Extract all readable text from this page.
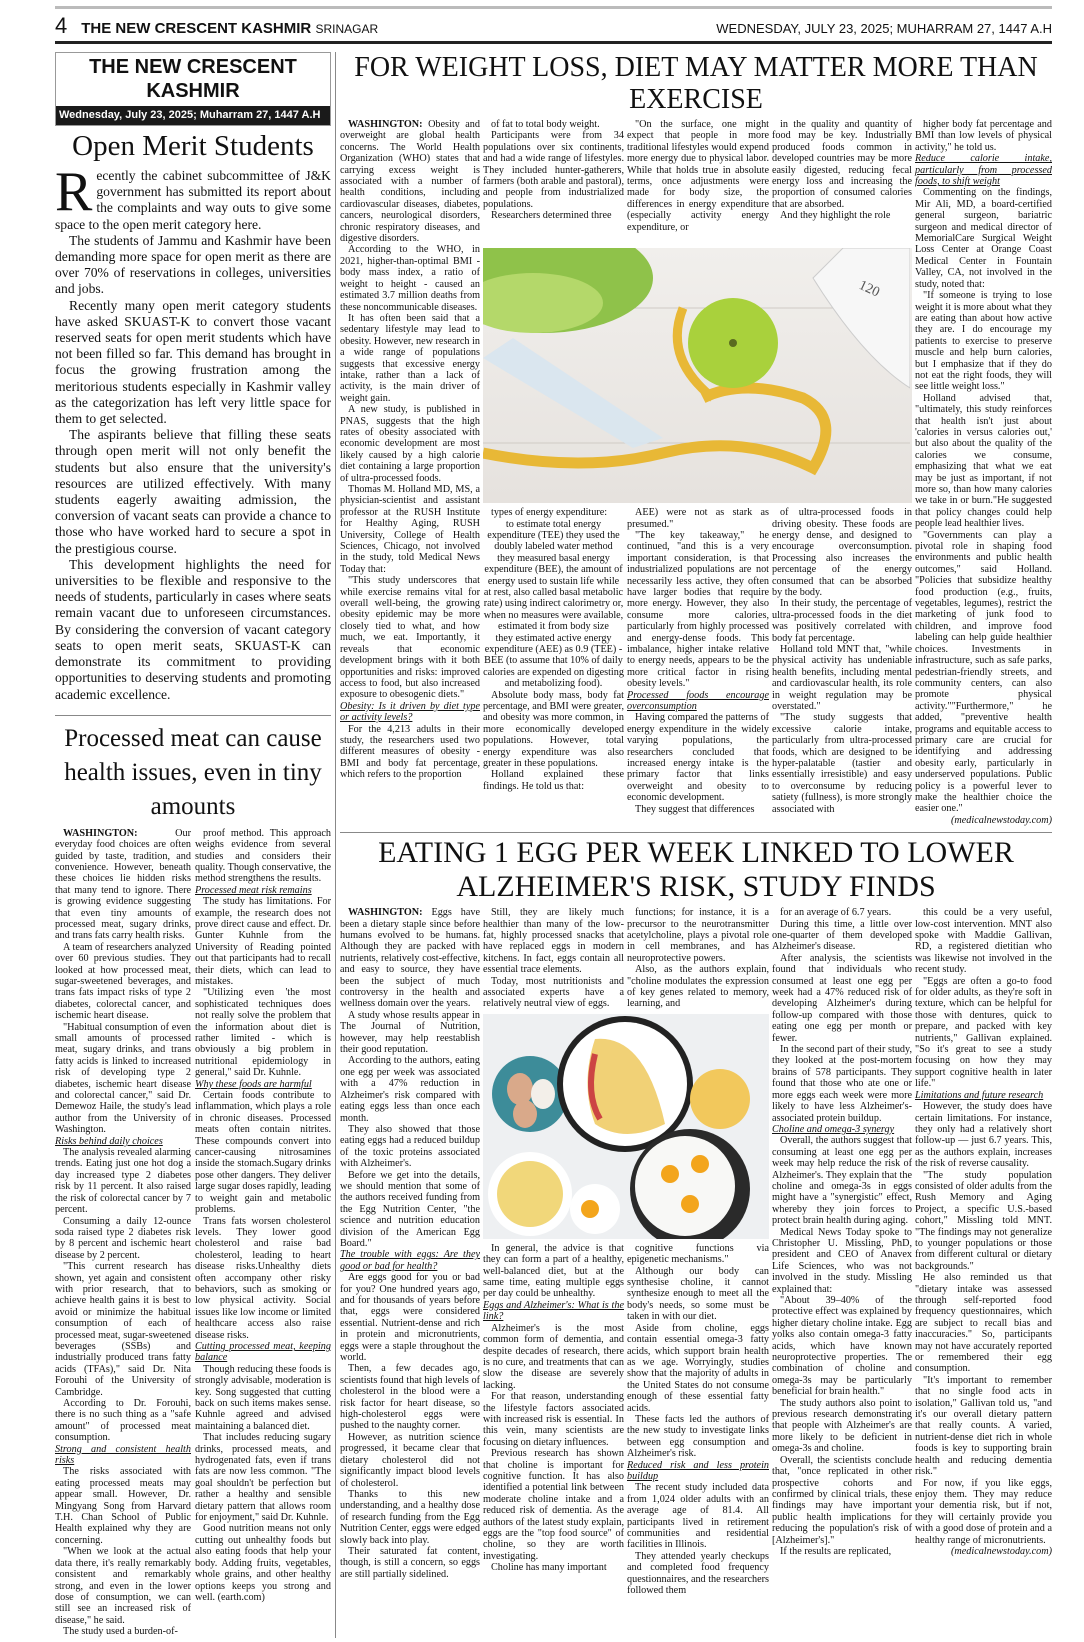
4 THE NEW CRESCENT KASHMIR SRINAGAR	WEDNESDAY, JULY 23, 2025; MUHARRAM 27, 1447 A.H
THE NEW CRESCENT KASHMIR
Wednesday, July 23, 2025; Muharram 27, 1447 A.H
Open Merit Students

Recently the cabinet subcommittee of J&K government has submitted its report about the complaints and way outs to give some space to the open merit category here.

The students of Jammu and Kashmir have been demanding more space for open merit as there are over 70% of reservations in colleges, universities and jobs.

Recently many open merit category students have asked SKUAST-K to convert those vacant reserved seats for open merit students which have not been filled so far. This demand has brought in focus the growing frustration among the meritorious students especially in Kashmir valley as the categorization has left very little space for them to get selected.

The aspirants believe that filling these seats through open merit will not only benefit the students but also ensure that the university's resources are utilized effectively. With many students eagerly awaiting admission, the conversion of vacant seats can provide a chance to those who have worked hard to secure a spot in the prestigious course.

This development highlights the need for universities to be flexible and responsive to the needs of students, particularly in cases where seats remain vacant due to unforeseen circumstances. By considering the conversion of vacant category seats to open merit seats, SKUAST-K can demonstrate its commitment to providing opportunities to deserving students and promoting academic excellence.

Processed meat can cause health issues, even in tiny amounts

WASHINGTON: Our everyday food choices are often guided by taste, tradition, and convenience. However, beneath these choices lie hidden risks that many tend to ignore. There is growing evidence suggesting that even tiny amounts of processed meat, sugary drinks, and trans fats carry health risks.

A team of researchers analyzed over 60 previous studies. They looked at how processed meat, sugar-sweetened beverages, and trans fats impact risks of type 2 diabetes, colorectal cancer, and ischemic heart disease.

"Habitual consumption of even small amounts of processed meat, sugary drinks, and trans fatty acids is linked to increased risk of developing type 2 diabetes, ischemic heart disease and colorectal cancer," said Dr. Demewoz Haile, the study's lead author from the University of Washington.

Risks behind daily choices

The analysis revealed alarming trends. Eating just one hot dog a day increased type 2 diabetes risk by 11 percent. It also raised the risk of colorectal cancer by 7 percent.

Consuming a daily 12-ounce soda raised type 2 diabetes risk by 8 percent and ischemic heart disease by 2 percent.

"This current research has shown, yet again and consistent with prior research, that to achieve health gains it is best to avoid or minimize the habitual consumption of each of processed meat, sugar-sweetened beverages (SSBs) and industrially produced trans fatty acids (TFAs)," said Dr. Nita Forouhi of the University of Cambridge.

According to Dr. Forouhi, there is no such thing as a "safe amount" of processed meat consumption.

Strong and consistent health risks

The risks associated with eating processed meats may appear small. However, Dr. Mingyang Song from Harvard T.H. Chan School of Public Health explained why they are concerning.

"When we look at the actual data there, it's really remarkably consistent and remarkably strong, and even in the lower dose of consumption, we can still see an increased risk of disease," he said.

The study used a burden-of-

proof method. This approach weighs evidence from several studies and considers their quality. Though conservative, the method strengthens the results.

Processed meat risk remains

The study has limitations. For example, the research does not prove direct cause and effect. Dr. Gunter Kuhnle from the University of Reading pointed out that participants had to recall their diets, which can lead to mistakes.

"Utilizing even 'the most sophisticated techniques does not really solve the problem that the information about diet is rather limited - which is obviously a big problem in nutritional epidemiology in general," said Dr. Kuhnle.

Why these foods are harmful

Certain foods contribute to inflammation, which plays a role in chronic diseases. Processed meats often contain nitrites. These compounds convert into cancer-causing nitrosamines inside the stomach.Sugary drinks pose other dangers. They deliver large sugar doses rapidly, leading to weight gain and metabolic problems.

Trans fats worsen cholesterol levels. They lower good cholesterol and raise bad cholesterol, leading to heart disease risks.Unhealthy diets often accompany other risky behaviors, such as smoking or low physical activity. Social issues like low income or limited healthcare access also raise disease risks.

Cutting processed meat, keeping balance

Though reducing these foods is strongly advisable, moderation is key. Song suggested that cutting back on such items makes sense. Kuhnle agreed and advised maintaining a balanced diet.

That includes reducing sugary drinks, processed meats, and hydrogenated fats, even if trans fats are now less common. "The goal shouldn't be perfection but rather a healthy and sensible dietary pattern that allows room for enjoyment," said Dr. Kuhnle.

Good nutrition means not only cutting out unhealthy foods but also eating foods that help your body. Adding fruits, vegetables, whole grains, and other healthy options keeps you strong and well. (earth.com)

FOR WEIGHT LOSS, DIET MAY MATTER MORE THAN EXERCISE

WASHINGTON: Obesity and overweight are global health concerns. The World Health Organization (WHO) states that carrying excess weight is associated with a number of health conditions, including cardiovascular diseases, diabetes, cancers, neurological disorders, chronic respiratory diseases, and digestive disorders.

According to the WHO, in 2021, higher-than-optimal BMI - body mass index, a ratio of weight to height - caused an estimated 3.7 million deaths from these noncommunicable diseases.

It has often been said that a sedentary lifestyle may lead to obesity. However, new research in a wide range of populations suggests that excessive energy intake, rather than a lack of activity, is the main driver of weight gain.

A new study, is published in PNAS, suggests that the high rates of obesity associated with economic development are most likely caused by a high calorie diet containing a large proportion of ultra-processed foods.

Thomas M. Holland MD, MS, a physician-scientist and assistant professor at the RUSH Institute for Healthy Aging, RUSH University, College of Health Sciences, Chicago, not involved in the study, told Medical News Today that:

"This study underscores that while exercise remains vital for overall well-being, the growing obesity epidemic may be more closely tied to what, and how much, we eat. Importantly, it reveals that economic development brings with it both opportunities and risks: improved access to food, but also increased exposure to obesogenic diets."

Obesity: Is it driven by diet type or activity levels?

For the 4,213 adults in their study, the researchers used two different measures of obesity - BMI and body fat percentage, which refers to the proportion

of fat to total body weight.

Participants were from 34 populations over six continents, and had a wide range of lifestyles. They included hunter-gatherers, farmers (both arable and pastoral), and people from industrialized populations.

Researchers determined three

"On the surface, one might expect that people in more traditional lifestyles would expend more energy due to physical labor. While that holds true in absolute terms, once adjustments were made for body size, the differences in energy expenditure (especially activity energy expenditure, or

in the quality and quantity of food may be key. Industrially produced foods common in developed countries may be more easily digested, reducing fecal energy loss and increasing the proportion of consumed calories that are absorbed.

And they highlight the role

120

types of energy expenditure:

to estimate total energy expenditure (TEE) they used the doubly labeled water method

they measured basal energy expenditure (BEE), the amount of energy used to sustain life while at rest, also called basal metabolic rate) using indirect calorimetry or, when no measures were available, estimated it from body size

they estimated active energy expenditure (AEE) as 0.9 (TEE) - BEE (to assume that 10% of daily calories are expended on digesting and metabolizing food).

Absolute body mass, body fat percentage, and BMI were greater, and obesity was more common, in more economically developed populations. However, total energy expenditure was also greater in these populations.

Holland explained these findings. He told us that:

AEE) were not as stark as presumed."

"The key takeaway," he continued, "and this is a very important consideration, is that industrialized populations are not necessarily less active, they often have larger bodies that require more energy. However, they also consume more calories, particularly from highly processed and energy-dense foods. This imbalance, higher intake relative to energy needs, appears to be the more critical factor in rising obesity levels."

Processed foods encourage overconsumption

Having compared the patterns of energy expenditure in the widely varying populations, the researchers concluded that increased energy intake is the primary factor that links overweight and obesity to economic development.

They suggest that differences

of ultra-processed foods in driving obesity. These foods are energy dense, and designed to encourage overconsumption. Processing also increases the percentage of the energy consumed that can be absorbed by the body.

In their study, the percentage of ultra-processed foods in the diet was positively correlated with body fat percentage.

Holland told MNT that, "while physical activity has undeniable health benefits, including mental and cardiovascular health, its role in weight regulation may be overstated."

"The study suggests that excessive calorie intake, particularly from ultra-processed foods, which are designed to be hyper-palatable (tastier and essentially irresistible) and easy to overconsume by reducing satiety (fullness), is more strongly associated with

higher body fat percentage and BMI than low levels of physical activity," he told us.

Reduce calorie intake, particularly from processed foods, to shift weight

Commenting on the findings, Mir Ali, MD, a board-certified general surgeon, bariatric surgeon and medical director of MemorialCare Surgical Weight Loss Center at Orange Coast Medical Center in Fountain Valley, CA, not involved in the study, noted that:

"If someone is trying to lose weight it is more about what they are eating than about how active they are. I do encourage my patients to exercise to preserve muscle and help burn calories, but I emphasize that if they do not eat the right foods, they will see little weight loss."

Holland advised that, "ultimately, this study reinforces that health isn't just about 'calories in versus calories out,' but also about the quality of the calories we consume, emphasizing that what we eat may be just as important, if not more so, than how many calories we take in or burn."He suggested that policy changes could help people lead healthier lives.

"Governments can play a pivotal role in shaping food environments and public health outcomes," said Holland. "Policies that subsidize healthy food production (e.g., fruits, vegetables, legumes), restrict the marketing of junk food to children, and improve food labeling can help guide healthier choices. Investments in infrastructure, such as safe parks, pedestrian-friendly streets, and community centers, can also promote physical activity.""Furthermore," he added, "preventive health programs and equitable access to primary care are crucial for identifying and addressing obesity early, particularly in underserved populations. Public policy is a powerful lever to make the healthier choice the easier one."

(medicalnewstoday.com)

EATING 1 EGG PER WEEK LINKED TO LOWER ALZHEIMER'S RISK, STUDY FINDS

WASHINGTON: Eggs have been a dietary staple since before humans evolved to be humans. Although they are packed with nutrients, relatively cost-effective, and easy to source, they have been the subject of much controversy in the health and wellness domain over the years.

A study whose results appear in The Journal of Nutrition, however, may help reestablish their good reputation.

According to the authors, eating one egg per week was associated with a 47% reduction in Alzheimer's risk compared with eating eggs less than once each month.

They also showed that those eating eggs had a reduced buildup of the toxic proteins associated with Alzheimer's.

Before we get into the details, we should mention that some of the authors received funding from the Egg Nutrition Center, "the science and nutrition education division of the American Egg Board."

The trouble with eggs: Are they good or bad for health?

Are eggs good for you or bad for you? One hundred years ago, and for thousands of years before that, eggs were considered essential. Nutrient-dense and rich in protein and micronutrients, eggs were a staple throughout the world.

Then, a few decades ago, scientists found that high levels of cholesterol in the blood were a risk factor for heart disease, so high-cholesterol eggs were pushed to the naughty corner.

However, as nutrition science progressed, it became clear that dietary cholesterol did not significantly impact blood levels of cholesterol.

Thanks to this new understanding, and a healthy dose of research funding from the Egg Nutrition Center, eggs were edged slowly back into play.

Their saturated fat content, though, is still a concern, so eggs are still partially sidelined.

Still, they are likely much healthier than many of the low-fat, highly processed snacks that have replaced eggs in modern kitchens. In fact, eggs contain all essential trace elements.

Today, most nutritionists and associated experts have a relatively neutral view of eggs.

functions; for instance, it is a precursor to the neurotransmitter acetylcholine, plays a pivotal role in cell membranes, and has neuroprotective powers.

Also, as the authors explain, "choline modulates the expression of key genes related to memory, learning, and

In general, the advice is that they can form a part of a healthy, well-balanced diet, but at the same time, eating multiple eggs per day could be unhealthy.

Eggs and Alzheimer's: What is the link?

Alzheimer's is the most common form of dementia, and despite decades of research, there is no cure, and treatments that can slow the disease are severely lacking.

For that reason, understanding the lifestyle factors associated with increased risk is essential. In this vein, many scientists are focusing on dietary influences.

Previous research has shown that choline is important for cognitive function. It has also identified a potential link between moderate choline intake and a reduced risk of dementia. As the authors of the latest study explain, eggs are the "top food source" of choline, so they are worth investigating.

Choline has many important

cognitive functions via epigenetic mechanisms."

Although our body can synthesise choline, it cannot synthesize enough to meet all the body's needs, so some must be taken in with our diet.

Aside from choline, eggs contain essential omega-3 fatty acids, which support brain health as we age. Worryingly, studies show that the majority of adults in the United States do not consume enough of these essential fatty acids.

These facts led the authors of the new study to investigate links between egg consumption and Alzheimer's risk.

Reduced risk and less protein buildup

The recent study included data from 1,024 older adults with an average age of 81.4. All participants lived in retirement communities and residential facilities in Illinois.

They attended yearly checkups and completed food frequency questionnaires, and the researchers followed them

for an average of 6.7 years.

During this time, a little over one-quarter of them developed Alzheimer's disease.

After analysis, the scientists found that individuals who consumed at least one egg per week had a 47% reduced risk of developing Alzheimer's during follow-up compared with those eating one egg per month or fewer.

In the second part of their study, they looked at the post-mortem brains of 578 participants. They found that those who ate one or more eggs each week were more likely to have less Alzheimer's-associated protein buildup.

Choline and omega-3 synergy

Overall, the authors suggest that consuming at least one egg per week may help reduce the risk of Alzheimer's. They explain that the choline and omega-3s in eggs might have a "synergistic" effect, whereby they join forces to protect brain health during aging.

Medical News Today spoke to Christopher U. Missling, PhD, president and CEO of Anavex Life Sciences, who was not involved in the study. Missling explained that:

"About 39–40% of the protective effect was explained by higher dietary choline intake. Egg yolks also contain omega-3 fatty acids, which have known neuroprotective properties. The combination of choline and omega-3s may be particularly beneficial for brain health."

The study authors also point to previous research demonstrating that people with Alzheimer's are more likely to be deficient in omega-3s and choline.

Overall, the scientists conclude that, "once replicated in other prospective cohorts and confirmed by clinical trials, these findings may have important public health implications for reducing the population's risk of [Alzheimer's]."

If the results are replicated,

this could be a very useful, low-cost intervention. MNT also spoke with Maddie Gallivan, RD, a registered dietitian who was likewise not involved in the recent study.

"Eggs are often a go-to food for older adults, as they're soft in texture, which can be helpful for those with dentures, quick to prepare, and packed with key nutrients," Gallivan explained. "So it's great to see a study focusing on how they may support cognitive health in later life."

Limitations and future research

However, the study does have certain limitations. For instance, they only had a relatively short follow-up — just 6.7 years. This, as the authors explain, increases the risk of reverse causality.

"The study population consisted of older adults from the Rush Memory and Aging Project, a specific U.S.-based cohort," Missling told MNT. "The findings may not generalize to younger populations or those from different cultural or dietary backgrounds."

He also reminded us that "dietary intake was assessed through self-reported food frequency questionnaires, which are subject to recall bias and inaccuracies." So, participants may not have accurately reported or remembered their egg consumption.

"It's important to remember that no single food acts in isolation," Gallivan told us, "and it's our overall dietary pattern that really counts. A varied, nutrient-dense diet rich in whole foods is key to supporting brain health and reducing dementia risk."

For now, if you like eggs, enjoy them. They may reduce your dementia risk, but if not, they will certainly provide you with a good dose of protein and a healthy range of micronutrients.

(medicalnewstoday.com)
